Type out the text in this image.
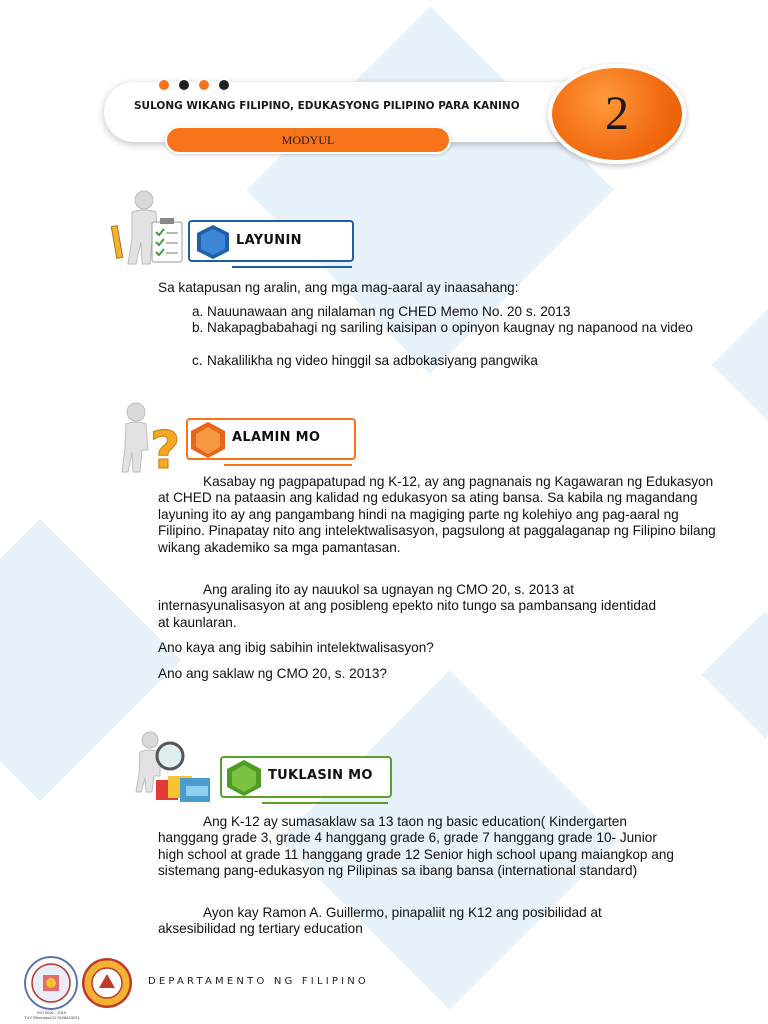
SULONG WIKANG FILIPINO, EDUKASYONG PILIPINO PARA KANINO
MODYUL	2
LAYUNIN
Sa katapusan ng aralin, ang mga mag-aaral ay inaasahang:
a. Nauunawaan ang nilalaman ng CHED Memo No. 20 s. 2013
b. Nakapagbabahagi ng sariling kaisipan o opinyon kaugnay ng napanood na video
c. Nakalilikha ng video hinggil sa adbokasiyang pangwika
?	ALAMIN MO
Kasabay ng pagpapatupad ng K-12, ay ang pagnanais ng Kagawaran ng Edukasyon at CHED na pataasin ang kalidad ng edukasyon sa ating bansa. Sa kabila ng magandang layuning ito ay ang pangambang hindi na magiging parte ng kolehiyo ang pag-aaral ng Filipino. Pinapatay nito ang intelektwalisasyon, pagsulong at paggalaganap ng Filipino bilang wikang akademiko sa mga pamantasan.
Ang araling ito ay nauukol sa ugnayan ng CMO 20, s. 2013 at internasyunalisasyon at ang posibleng epekto nito tungo sa pambansang identidad at kaunlaran.
Ano kaya ang ibig sabihin intelektwalisasyon?
Ano ang saklaw ng CMO 20, s. 2013?
TUKLASIN MO
Ang K-12 ay sumasaklaw sa 13 taon ng basic education( Kindergarten hanggang grade 3, grade 4 hanggang grade 6, grade 7 hanggang grade 10- Junior high school at grade 11 hanggang grade 12 Senior high school upang maiangkop ang sistemang pang-edukasyon ng Pilipinas sa ibang bansa (international standard)
Ayon kay Ramon A. Guillermo, pinapaliit ng K12 ang posibilidad at aksesibilidad ng tertiary education
ISO 9001 : 2015
TUV Rheinland ID 9108643291
DEPARTAMENTO NG FILIPINO
